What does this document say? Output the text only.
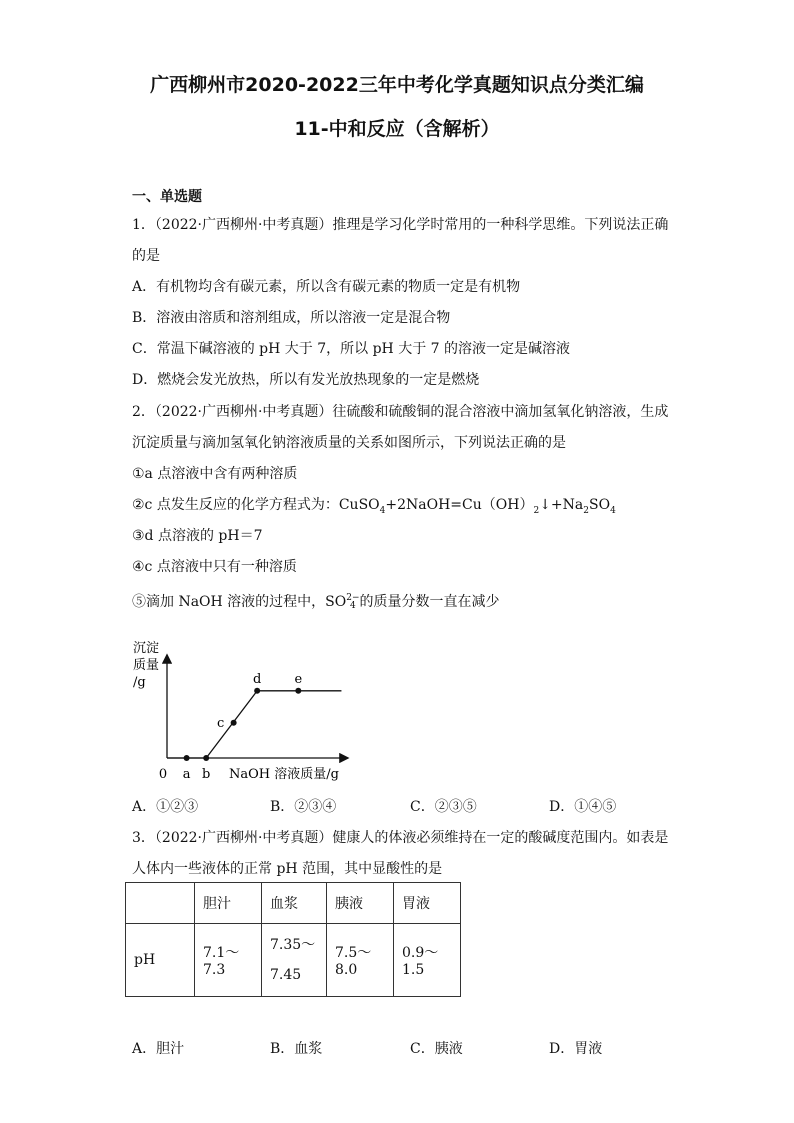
广西柳州市2020-2022三年中考化学真题知识点分类汇编
11-中和反应（含解析）
一、单选题
1．（2022·广西柳州·中考真题）推理是学习化学时常用的一种科学思维。下列说法正确
的是
A．有机物均含有碳元素，所以含有碳元素的物质一定是有机物
B．溶液由溶质和溶剂组成，所以溶液一定是混合物
C．常温下碱溶液的 pH 大于 7，所以 pH 大于 7 的溶液一定是碱溶液
D．燃烧会发光放热，所以有发光放热现象的一定是燃烧
2．（2022·广西柳州·中考真题）往硫酸和硫酸铜的混合溶液中滴加氢氧化钠溶液，生成
沉淀质量与滴加氢氧化钠溶液质量的关系如图所示，下列说法正确的是
①a 点溶液中含有两种溶质
②c 点发生反应的化学方程式为：$CuSO_4+2NaOH=Cu(OH)_2↓+Na_2SO_4$
③d 点溶液的 pH＝7
④c 点溶液中只有一种溶质
⑤滴加 NaOH 溶液的过程中，SO2−
4 的质量分数一直在减少
沉淀
质量
/g
a b
c
d	e
0	NaOH 溶液质量/g
A．①②③	B．②③④	C．②③⑤	D．①④⑤
3．（2022·广西柳州·中考真题）健康人的体液必须维持在一定的酸碱度范围内。如表是
人体内一些液体的正常 pH 范围，其中显酸性的是
	胆汁	血浆	胰液	胃液
pH	7.1～7.3	7.35～
7.45	7.5～8.0	0.9～1.5
A．胆汁	B．血浆	C．胰液	D．胃液
